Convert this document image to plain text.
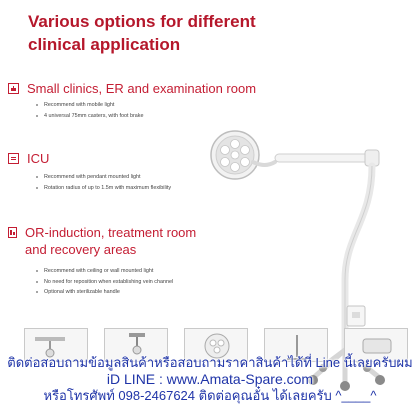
Various options for different clinical application
Small clinics, ER and examination room
Recommend with mobile light
4 universal 75mm casters, with foot brake
ICU
Recommend with pendant mounted light
Rotation radius of up to 1.5m with maximum flexibility
OR-induction, treatment room and recovery areas
Recommend with ceiling or wall mounted light
No need for reposition when establishing vein channel
Optional with sterilizable handle
ติดต่อสอบถามข้อมูลสินค้าหรือสอบถามราคาสินค้าได้ที่ Line นี้เลยครับผม
iD LINE : www.Amata-Spare.com
หรือโทรศัพท์ 098-2467624 ติดต่อคุณอั๋น ได้เลยครับ ^____^
